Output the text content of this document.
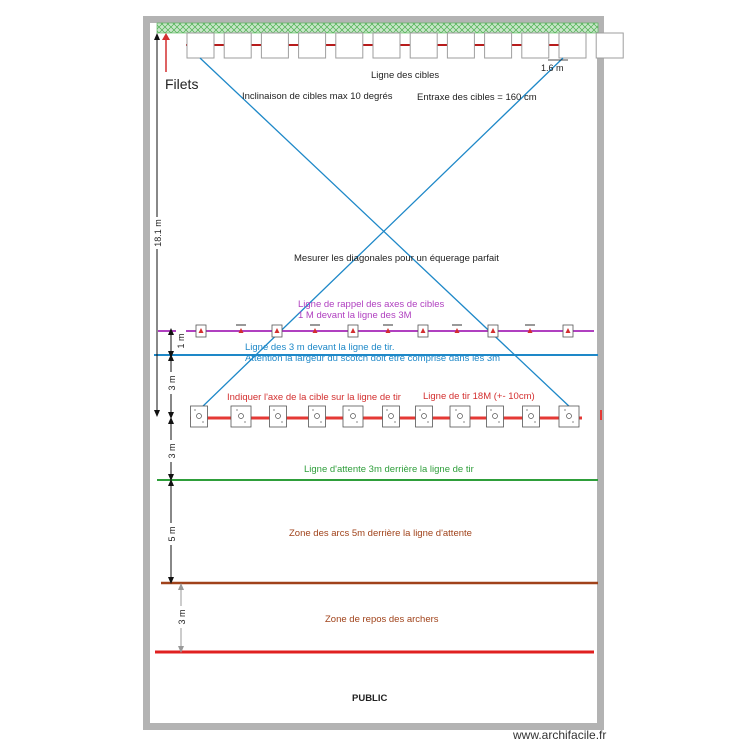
Filets
Ligne des cibles
1.6 m
Inclinaison de cibles max 10 degrés	Entraxe des cibles = 160 cm
Mesurer les diagonales pour un équerage parfait
Ligne de rappel des axes de cibles
1 M devant la ligne des 3M
Ligne des 3 m devant la ligne de tir.
Attention la largeur du scotch doit être comprise dans les 3m
Indiquer l'axe de la cible sur la ligne de tir Ligne de tir 18M (+- 10cm)
Ligne d'attente 3m derrière la ligne de tir
Zone des arcs 5m derrière la ligne d'attente
Zone de repos des archers
PUBLIC
www.archifacile.fr
18.1 m
1 m
3 m
3 m
5 m
3 m
